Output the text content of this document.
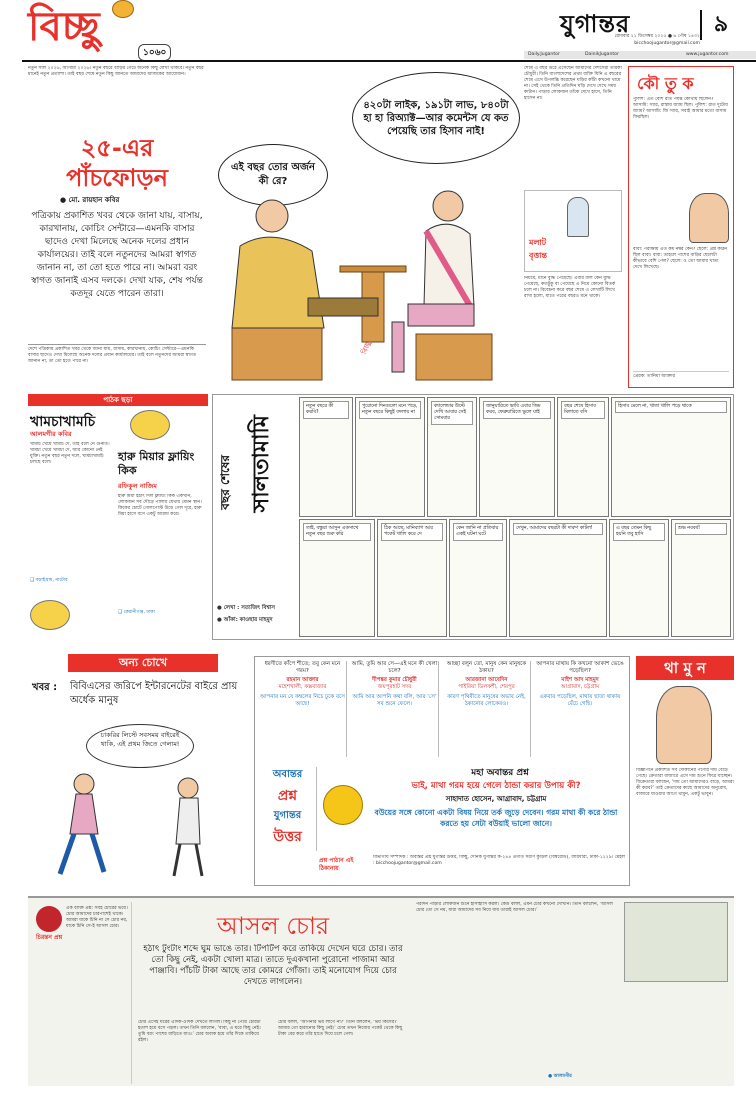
বিচ্ছু
১০৬০
যুগান্তর	৯
রোববার ২১ ডিসেম্বর ২০২৫ ● ৬ পৌষ ১৪৩২
bicchoojugantor@gmail.com
Daily.Jugantor	DainikJugantor	www.jugantor.com
নতুন সাল ২০২৬, আগামী ২০২৬। নতুন বছরে বাড়ির গেটে অনেক কিছু লেখা থাকবে। নতুন বছর মানেই নতুন প্রত্যাশা। তাই বছর শেষে নতুন কিছু জানতে আমাদের আজকের আয়োজন।
২৫-এর
পাঁচফোড়ন
● মো. রায়হান কবির
পত্রিকায় প্রকাশিত খবর থেকে জানা যায়, বাসায়, কারখানায়, কোচিং সেন্টারে—এমনকি বাসার ছাদেও দেখা মিলেছে অনেক দলের প্রধান কার্যালয়ের। তাই বলে নতুনদের আমরা স্বাগত জানান না, তা তো হতে পারে না। আমরা বরং স্বাগত জানাই এসব দলকে। দেখা যাক, শেষ পর্যন্ত কতদূর যেতে পারেন তারা।
দেশে পত্রিকায় প্রকাশিত খবর থেকে জানা যায়, বাসায়, কারখানায়, কোচিং সেন্টারে—এমনকি বাসার ছাদেও দেখা মিলেছে অনেক দলের প্রধান কার্যালয়ের। তাই বলে নতুনদের আমরা স্বাগত জানান না, তা তো হতে পারে না।
এই বছর তোর অর্জন কী রে?
৪২০টা লাইক, ১৯১টা লাভ, ৮৪০টা হা হা রিঅ্যাক্ট—আর কমেন্টস যে কত পেয়েছি তার হিসাব নাই!
বিচ্ছু
শেষে এ বছর উঠে এসেছেন আমাদের দেশসেরা তারকা চৌধুরী। তিনি বাংলাদেশের প্রথম ব্যক্তি যিনি এ বছরের শেষে এসে উপলব্ধি করেছেন ঘড়ির কাঁটা কখনো থামে না। সেই থেকে তিনি প্রতিদিন ঘড়ি দেখে দেখে সময় কাটান। পাড়ার লোকজন তাঁকে দেখে হাসে, তিনি হাসেন না।
মলাট বৃত্তান্ত
নিয়মে, মানে বুদ্ধি পেয়েছে। এবার বলি কেন বুদ্ধি পেয়েছে, কতটুকু বা পেয়েছে এ নিয়ে কোনো বিতর্ক চলে না। বিবেচনা করে বছর শেষে এ লেখাটি লিখে রাখা হলো, যাতে পরের বছরও মনে থাকে।
কৌ তু ক
পুলিশ: এত বেশি রাত পর্যন্ত কোথায় ছিলেন? আসামি: স্যার, রাস্তায় জ্যাম ছিল। পুলিশ: রাত দুটোয় জ্যাম? আসামি: জি স্যার, সবাই আমার মতো বাসায় ফিরছিল।
বাবা: পরীক্ষায় এত কম নম্বর কেন? ছেলে: প্রশ্ন কঠিন ছিল বাবা। বাবা: তাহলে পাশের বাড়ির ছেলেটা কীভাবে বেশি পেল? ছেলে: ও তো আমার খাতা দেখে লিখেছে।
প্রেরক: তানিয়া আক্তার
পাঠক ছড়া
খামচাখামচি
আলমগীর কবির
খামচি খেয়ে খামচি দে, তাই বলে নে গুনতি। খামচা খেয়ে খামচা দে, আর কোনো নেই যুক্তি। নতুন বছর নতুন দলে, খামচাখামচি চলছে বলে।
❑ বড়াইগ্রাম, নাটোর
হারু মিয়ার ফ্লায়িং কিক
রফিকুল নাজিম
হারু মিয়া হঠাৎ দিল ফ্লায়িং কিক একখান, লোকজন সব দৌড়ে পালায় যেথায় যেমন স্থান। কিকের চোটে গোলপোস্ট উড়ে গেল দূরে, হারু মিয়া হাসে বসে একটু আরাম করে।
❑ কেরানীগঞ্জ, ঢাকা
বছর শেষের সালতামামি
● লেখা : সত্যজিৎ বিশ্বাস
● আঁকা: কাওছার মাহমুদ
নতুন বছরে কী করবি?
পুরোনো দিনগুলো মনে পড়ে, নতুন বছরে কিছুই বদলায় না
ক্যালেন্ডার উল্টে দেখি আবার সেই সোমবার
জানুয়ারিতে ভাবি এবার জিম করব, ফেব্রুয়ারিতে ভুলে যাই
বছর শেষে হিসাব মিলাতে বসি
হিসাব মেলে না, খাতা খালি পড়ে থাকে
তাই, বন্ধুরা আসুন একসাথে নতুন বছর শুরু করি
ঠিক আছে, মানিব্যাগ আর পকেট খালি করে দে
কেন জানি না প্রতিবার একই ঘটনা ঘটে
দেখুন, আমাদের বছরটা কী দারুণ কাটল!	এ বছর তেমন কিছু হয়নি তবু হাসি
শুভ নববর্ষ!
অন্য চোখে
খবর : বিবিএসের জরিপে ইন্টারনেটের বাইরে প্রায় অর্ধেক মানুষ
চাকরির লিস্টে সবসময় বাইরেই থাকি, এই প্রথম জিতে গেলাম!
ধরণীতে কাঁপে শীতে; তবু কেন মনে গরম?
রহমান আক্তার
মহেশখালী, কক্সবাজার
আপনার মন যে কম্বলের নিচে ঢুকে বসে আছে!
আমি, তুমি আর সে—এই মনে কী খেলা চলে?
দীপঙ্কর কুমার চৌধুরী
জয়পুরহাট সদর
আমি আর আপনি কথা বলি, আর ‘সে’ সব শুনে ফেলে।
আচ্ছা বলুন তো, মানুষ কেন মানুষকে ঠকায়?
আরজানা আবেদিন
পাইরিয়া ডিলকশী, শেরপুর
কারণ পৃথিবীতে মানুষের অভাব নেই, ঠকানোর লোকেরও।
আপনার মাথায় কি কখনো আকাশ ভেঙে পড়েছিল?
মাইশ আদ মাহমুদ
আগ্রাবাদ, চট্টগ্রাম
একবার পড়েছিল, মাথায় ছাতা থাকায় বেঁচে গেছি।
অবান্তর
প্রশ্ন
যুগান্তর
উত্তর
মহা অবান্তর প্রশ্ন
ভাই, মাথা গরম হয়ে গেলে ঠান্ডা করার উপায় কী?
সাহাদাত হোসেন, আগ্রাবাদ, চট্টগ্রাম
বউয়ের সঙ্গে কোনো একটা বিষয় নিয়ে তর্ক জুড়ে দেবেন। গরম মাথা কী করে ঠান্ডা করতে হয় সেটা বউয়াই ভালো জানে।
প্রশ্ন পাঠান এই ঠিকানায়
বিভাগীয় সম্পাদক : অবান্তর প্রশ্ন যুগান্তর উত্তর, বিচ্ছু, দৈনিক যুগান্তর ক-২৪৪ প্রগতি সরণি কুড়িল (বিশ্বরোড), বারিধারা, ঢাকা-১২২৯। মেইল : bicchoojugantor@gmail.com
থা মু ন
বিজ্ঞাপনে প্রকাশিত সব দোকানের পণ্যের দাম বেড়ে গেছে। ক্রেতারা বাজারে এসে দাম শুনে ফিরে যাচ্ছেন। বিক্রেতারা বলছেন, ‘দাম তো আমাদেরও বাড়ে, আমরা কী করব?’ তাই ক্রেতাদের কাছে আমাদের অনুরোধ, বাজারে যাওয়ার আগে থামুন, একটু ভাবুন।
চিরন্তন প্রশ্ন
এক ব্যক্তি প্রশ্ন: সবই চোরের ভয়ে। চোর আমাদের চারপাশেই থাকে। আমরা যাকে চিনি না সে চোর নয়, যাকে চিনি সে-ই আসল চোর।	আসল চোর
হঠাৎ টুংটাং শব্দে ঘুম ভাঙে তার। টিপটিপ করে তাকিয়ে দেখেন ঘরে চোর। তার তো কিছু নেই, একটা খোলা মাত্র। তাতে দুএকখানা পুরোনো পাজামা আর পাঞ্জাবি। পাঁচটি টাকা আছে তার কোমরে গোঁজা। তাই মনোযোগ দিয়ে চোর দেখতে লাগলেন।
চোর এসেই ঘরের এদিক-ওদিক দেখতে লাগল। কিছু না পেয়ে চোরটা হতাশ হয়ে বসে পড়ল। তখন তিনি বললেন, ‘বাবা, এ ঘরে কিছু নেই। তুমি বরং পাশের বাড়িতে যাও।’ চোর অবাক হয়ে তাঁর দিকে তাকিয়ে রইল।
চোর বলল, ‘আপনার ভয় লাগে না?’ তিনি বললেন, ‘ভয় কিসের? আমার তো হারানোর কিছু নেই।’ চোর তখন নিজের পকেট থেকে কিছু টাকা বের করে তাঁর হাতে দিয়ে চলে গেল।
পরদিন পাড়ার লোকজন শুনে হাসাহাসি করল। কেউ বলল, এমন চোর কখনো দেখিনি। তিনি বললেন, ‘আসল চোর তো সে নয়, যারা আমাদের সব নিয়ে যায় তারাই আসল চোর।’
● আলমগীর
